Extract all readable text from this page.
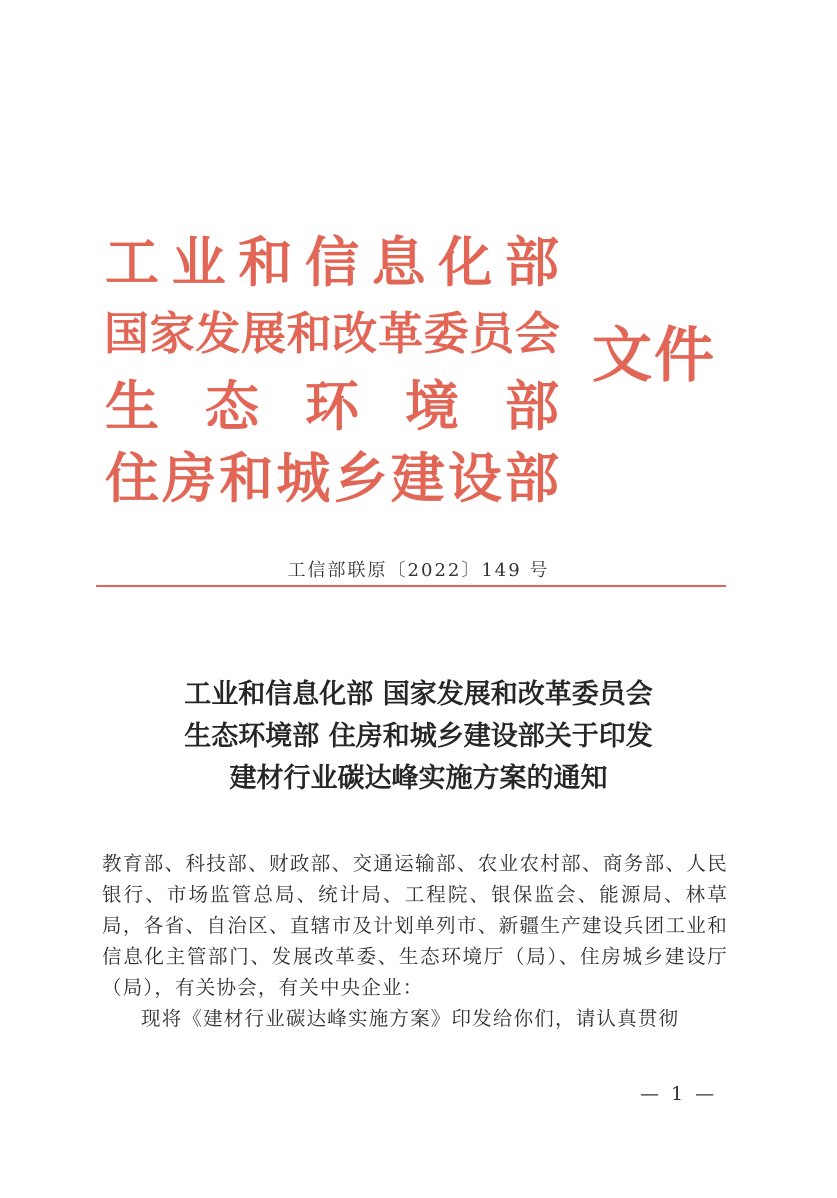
工 业 和 信 息 化 部
国 家 发 展 和 改 革 委 员 会
生 态 环 境 部
住 房 和 城 乡 建 设 部
文件
工信部联原〔2022〕149 号
工业和信息化部 国家发展和改革委员会
生态环境部 住房和城乡建设部关于印发
建材行业碳达峰实施方案的通知

教育部、科技部、财政部、交通运输部、农业农村部、商务部、人民银行、市场监管总局、统计局、工程院、银保监会、能源局、林草局，各省、自治区、直辖市及计划单列市、新疆生产建设兵团工业和信息化主管部门、发展改革委、生态环境厅（局）、住房城乡建设厅（局），有关协会，有关中央企业：

现将《建材行业碳达峰实施方案》印发给你们，请认真贯彻

— 1 —
